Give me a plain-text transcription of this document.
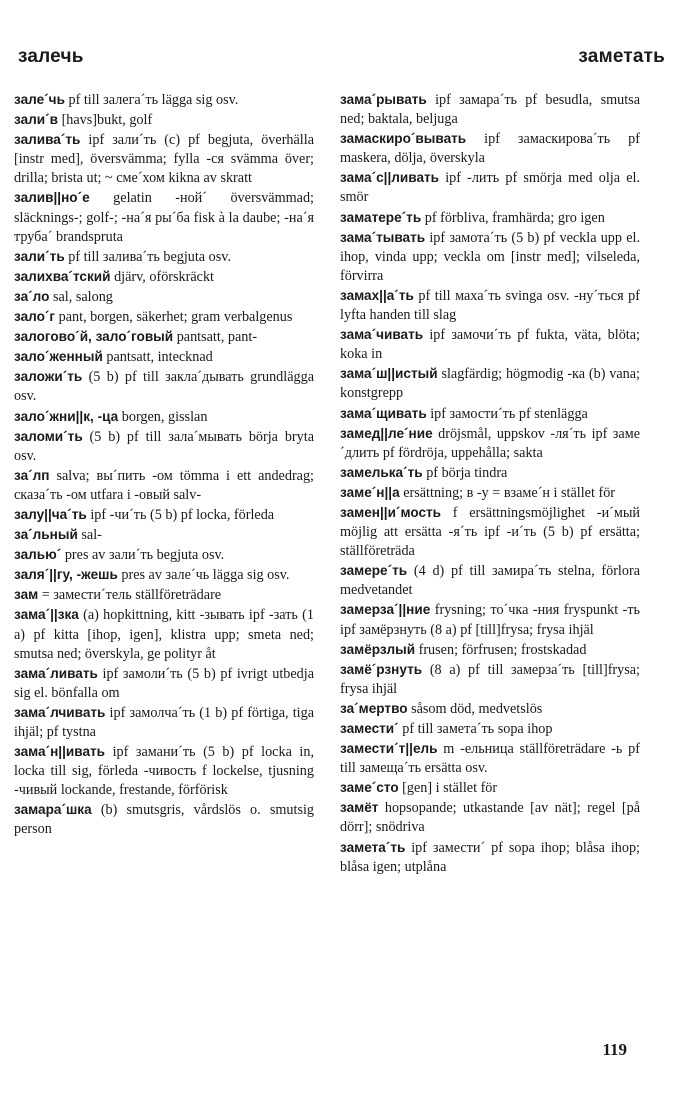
залечь	заметать

зале´чь pf till залега´ть lägga sig osv.

зали´в [havs]bukt, golf

залива´ть ipf зали´ть (c) pf begjuta, överhälla [instr med], översvämma; fylla -ся svämma över; drilla; brista ut; ~ сме´хом kikna av skratt

залив||но´е gelatin -ной´ översvämmad; släcknings-; golf-; -на´я ры´ба fisk à la daube; -на´я труба´ brandspruta

зали´ть pf till залива´ть begjuta osv.

залихва´тский djärv, oförskräckt

за´ло sal, salong

зало´г pant, borgen, säkerhet; gram verbalgenus

залогово´й, зало´говый pantsatt, pant-

зало´женный pantsatt, intecknad

заложи´ть (5 b) pf till закла´дывать grundlägga osv.

зало´жни||к, -ца borgen, gisslan

заломи´ть (5 b) pf till зала´мывать börja bryta osv.

за´лп salva; вы´пить -ом tömma i ett andedrag; сказа´ть -ом utfara i -овый salv-

залу||ча´ть ipf -чи´ть (5 b) pf locka, förleda

за´льный sal-

залью´ pres av зали´ть begjuta osv.

заля´||гу, -жешь pres av зале´чь lägga sig osv.

зам = замести´тель ställföreträdare

зама´||зка (a) hopkittning, kitt -зывать ipf -зать (1 a) pf kitta [ihop, igen], klistra upp; smeta ned; smutsa ned; överskyla, ge polityr åt

зама´ливать ipf замоли´ть (5 b) pf ivrigt utbedja sig el. bönfalla om

зама´лчивать ipf замолча´ть (1 b) pf förtiga, tiga ihjäl; pf tystna

зама´н||ивать ipf замани´ть (5 b) pf locka in, locka till sig, förleda -чивость f lockelse, tjusning -чивый lockande, frestande, förförisk

замара´шка (b) smutsgris, vårdslös o. smutsig person

зама´рывать ipf замара´ть pf besudla, smutsa ned; baktala, beljuga

замаскиро´вывать ipf замаскирова´ть pf maskera, dölja, överskyla

зама´с||ливать ipf -лить pf smörja med olja el. smör

заматере´ть pf förbliva, framhärda; gro igen

зама´тывать ipf замота´ть (5 b) pf veckla upp el. ihop, vinda upp; veckla om [instr med]; vilseleda, förvirra

замах||а´ть pf till маха´ть svinga osv. -ну´ться pf lyfta handen till slag

зама´чивать ipf замочи´ть pf fukta, väta, blöta; koka in

зама´ш||истый slagfärdig; högmodig -ка (b) vana; konstgrepp

зама´щивать ipf замости´ть pf stenlägga

замед||ле´ние dröjsmål, uppskov -ля´ть ipf заме´длить pf fördröja, uppehålla; sakta

замелька´ть pf börja tindra

заме´н||а ersättning; в -у = взаме´н i stället för

замен||и´мость f ersättningsmöjlighet -и´мый möjlig att ersätta -я´ть ipf -и´ть (5 b) pf ersätta; ställföreträda

замере´ть (4 d) pf till замира´ть stelna, förlora medvetandet

замерза´||ние frysning; то´чка -ния fryspunkt -ть ipf замёрзнуть (8 a) pf [till]frysa; frysa ihjäl

замёрзлый frusen; förfrusen; frostskadad

замё´рзнуть (8 a) pf till замерза´ть [till]frysa; frysa ihjäl

за´мертво såsom död, medvetslös

замести´ pf till замета´ть sopa ihop

замести´т||ель m -ельница ställföreträdare -ь pf till замеща´ть ersätta osv.

заме´сто [gen] i stället för

замёт hopsopande; utkastande [av nät]; regel [på dörr]; snödriva

замета´ть ipf замести´ pf sopa ihop; blåsa ihop; blåsa igen; utplåna

119
